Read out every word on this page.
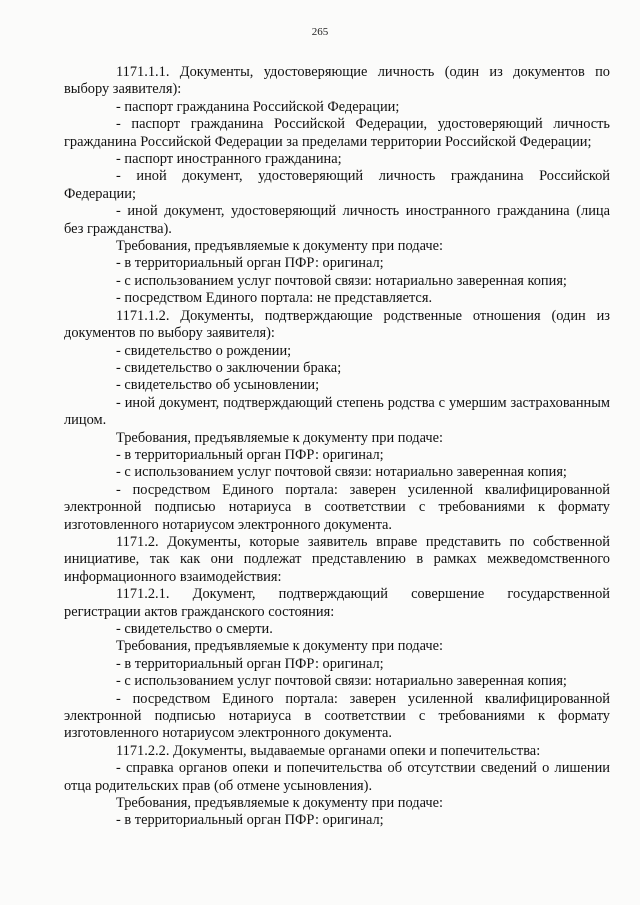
265

1171.1.1. Документы, удостоверяющие личность (один из документов по выбору заявителя):

- паспорт гражданина Российской Федерации;

- паспорт гражданина Российской Федерации, удостоверяющий личность гражданина Российской Федерации за пределами территории Российской Федерации;

- паспорт иностранного гражданина;

- иной документ, удостоверяющий личность гражданина Российской Федерации;

- иной документ, удостоверяющий личность иностранного гражданина (лица без гражданства).

Требования, предъявляемые к документу при подаче:

- в территориальный орган ПФР: оригинал;

- с использованием услуг почтовой связи: нотариально заверенная копия;

- посредством Единого портала: не представляется.

1171.1.2. Документы, подтверждающие родственные отношения (один из документов по выбору заявителя):

- свидетельство о рождении;

- свидетельство о заключении брака;

- свидетельство об усыновлении;

- иной документ, подтверждающий степень родства с умершим застрахованным лицом.

Требования, предъявляемые к документу при подаче:

- в территориальный орган ПФР: оригинал;

- с использованием услуг почтовой связи: нотариально заверенная копия;

- посредством Единого портала: заверен усиленной квалифицированной электронной подписью нотариуса в соответствии с требованиями к формату изготовленного нотариусом электронного документа.

1171.2. Документы, которые заявитель вправе представить по собственной инициативе, так как они подлежат представлению в рамках межведомственного информационного взаимодействия:

1171.2.1. Документ, подтверждающий совершение государственной регистрации актов гражданского состояния:

- свидетельство о смерти.

Требования, предъявляемые к документу при подаче:

- в территориальный орган ПФР: оригинал;

- с использованием услуг почтовой связи: нотариально заверенная копия;

- посредством Единого портала: заверен усиленной квалифицированной электронной подписью нотариуса в соответствии с требованиями к формату изготовленного нотариусом электронного документа.

1171.2.2. Документы, выдаваемые органами опеки и попечительства:

- справка органов опеки и попечительства об отсутствии сведений о лишении отца родительских прав (об отмене усыновления).

Требования, предъявляемые к документу при подаче:

- в территориальный орган ПФР: оригинал;
